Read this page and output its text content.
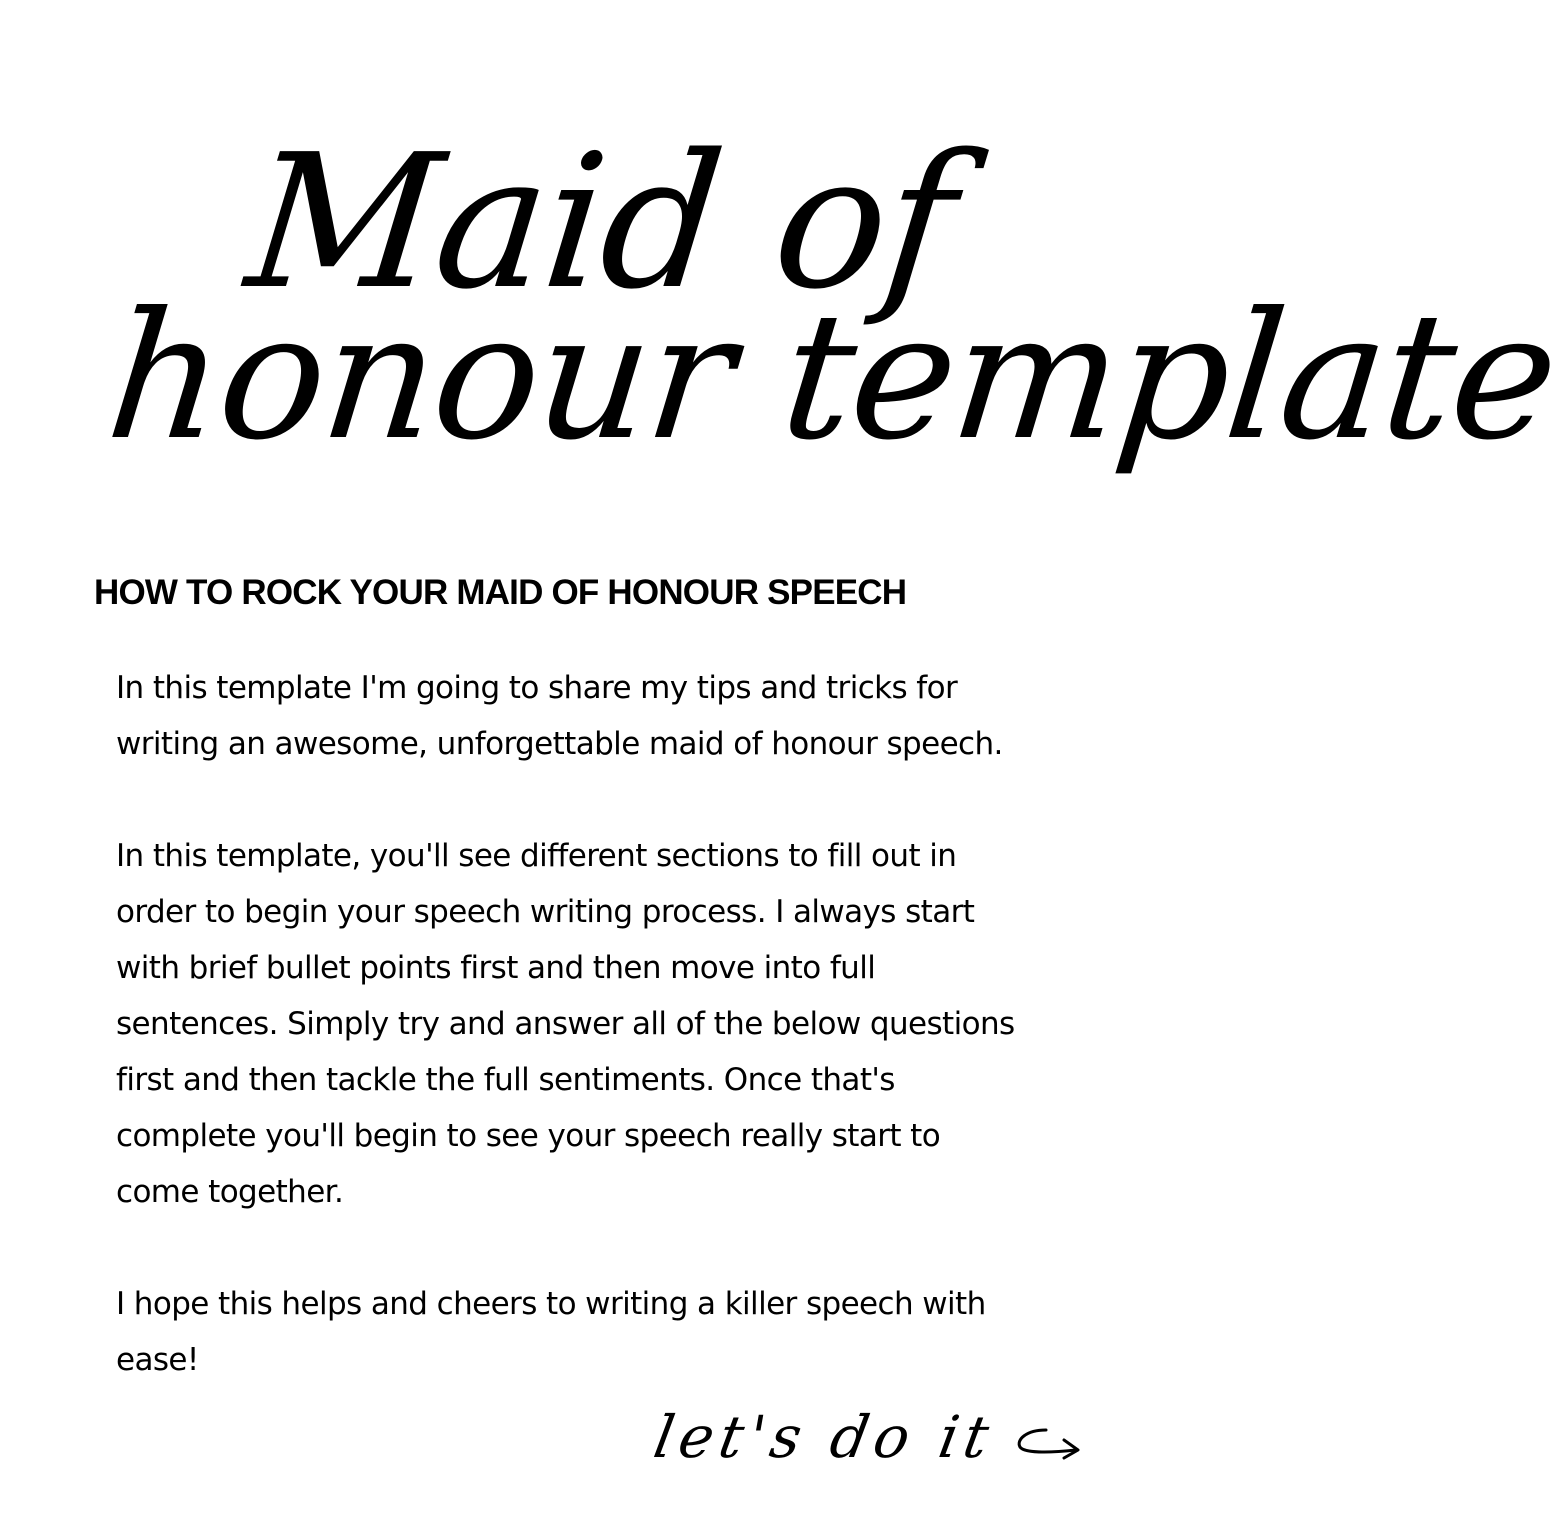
Maid of
honour template
HOW TO ROCK YOUR MAID OF HONOUR SPEECH

In this template I'm going to share my tips and tricks for writing an awesome, unforgettable maid of honour speech.

In this template, you'll see different sections to fill out in order to begin your speech writing process. I always start with brief bullet points first and then move into full sentences. Simply try and answer all of the below questions first and then tackle the full sentiments. Once that's complete you'll begin to see your speech really start to come together.

I hope this helps and cheers to writing a killer speech with ease!

let's do it
